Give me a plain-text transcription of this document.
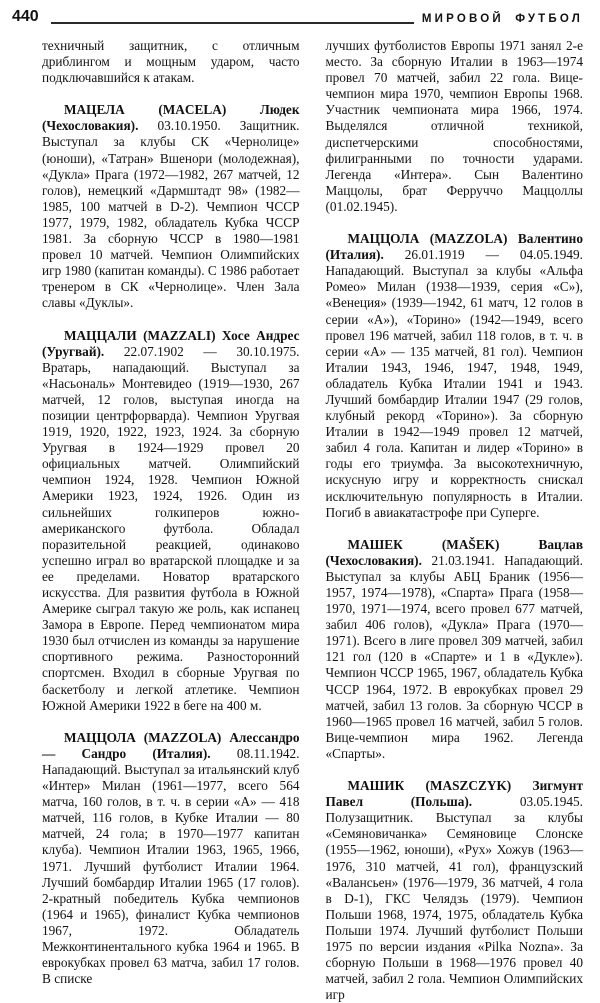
440	МИРОВОЙ ФУТБОЛ

техничный защитник, с отличным дриблингом и мощным ударом, часто подключавшийся к атакам.

МАЦЕЛА (MACELA) Людек (Чехословакия). 03.10.1950. Защитник. Выступал за клубы СК «Чернолице» (юноши), «Татран» Вшенори (молодежная), «Дукла» Прага (1972—1982, 267 матчей, 12 голов), немецкий «Дармштадт 98» (1982—1985, 100 матчей в D-2). Чемпион ЧССР 1977, 1979, 1982, обладатель Кубка ЧССР 1981. За сборную ЧССР в 1980—1981 провел 10 матчей. Чемпион Олимпийских игр 1980 (капитан команды). С 1986 работает тренером в СК «Чернолице». Член Зала славы «Дуклы».

МАЦЦАЛИ (MAZZALI) Хосе Андрес (Уругвай). 22.07.1902 — 30.10.1975. Вратарь, нападающий. Выступал за «Насьональ» Монтевидео (1919—1930, 267 матчей, 12 голов, выступая иногда на позиции центрфорварда). Чемпион Уругвая 1919, 1920, 1922, 1923, 1924. За сборную Уругвая в 1924—1929 провел 20 официальных матчей. Олимпийский чемпион 1924, 1928. Чемпион Южной Америки 1923, 1924, 1926. Один из сильнейших голкиперов южно-американского футбола. Обладал поразительной реакцией, одинаково успешно играл во вратарской площадке и за ее пределами. Новатор вратарского искусства. Для развития футбола в Южной Америке сыграл такую же роль, как испанец Замора в Европе. Перед чемпионатом мира 1930 был отчислен из команды за нарушение спортивного режима. Разносторонний спортсмен. Входил в сборные Уругвая по баскетболу и легкой атлетике. Чемпион Южной Америки 1922 в беге на 400 м.

МАЦЦОЛА (MAZZOLA) Алессандро — Сандро (Италия). 08.11.1942. Нападающий. Выступал за итальянский клуб «Интер» Милан (1961—1977, всего 564 матча, 160 голов, в т. ч. в серии «А» — 418 матчей, 116 голов, в Кубке Италии — 80 матчей, 24 гола; в 1970—1977 капитан клуба). Чемпион Италии 1963, 1965, 1966, 1971. Лучший футболист Италии 1964. Лучший бомбардир Италии 1965 (17 голов). 2-кратный победитель Кубка чемпионов (1964 и 1965), финалист Кубка чемпионов 1967, 1972. Обладатель Межконтинентального кубка 1964 и 1965. В еврокубках провел 63 матча, забил 17 голов. В списке

лучших футболистов Европы 1971 занял 2-е место. За сборную Италии в 1963—1974 провел 70 матчей, забил 22 гола. Вице-чемпион мира 1970, чемпион Европы 1968. Участник чемпионата мира 1966, 1974. Выделялся отличной техникой, диспетчерскими способностями, филигранными по точности ударами. Легенда «Интера». Сын Валентино Маццолы, брат Ферруччо Маццоллы (01.02.1945).

МАЦЦОЛА (MAZZOLA) Валентино (Италия). 26.01.1919 — 04.05.1949. Нападающий. Выступал за клубы «Альфа Ромео» Милан (1938—1939, серия «С»), «Венеция» (1939—1942, 61 матч, 12 голов в серии «А»), «Торино» (1942—1949, всего провел 196 матчей, забил 118 голов, в т. ч. в серии «А» — 135 матчей, 81 гол). Чемпион Италии 1943, 1946, 1947, 1948, 1949, обладатель Кубка Италии 1941 и 1943. Лучший бомбардир Италии 1947 (29 голов, клубный рекорд «Торино»). За сборную Италии в 1942—1949 провел 12 матчей, забил 4 гола. Капитан и лидер «Торино» в годы его триумфа. За высокотехничную, искусную игру и корректность снискал исключительную популярность в Италии. Погиб в авиакатастрофе при Суперге.

МАШЕК (MAŠEK) Вацлав (Чехословакия). 21.03.1941. Нападающий. Выступал за клубы АБЦ Браник (1956—1957, 1974—1978), «Спарта» Прага (1958—1970, 1971—1974, всего провел 677 матчей, забил 406 голов), «Дукла» Прага (1970—1971). Всего в лиге провел 309 матчей, забил 121 гол (120 в «Спарте» и 1 в «Дукле»). Чемпион ЧССР 1965, 1967, обладатель Кубка ЧССР 1964, 1972. В еврокубках провел 29 матчей, забил 13 голов. За сборную ЧССР в 1960—1965 провел 16 матчей, забил 5 голов. Вице-чемпион мира 1962. Легенда «Спарты».

МАШИК (MASZCZYK) Зигмунт Павел (Польша).	03.05.1945. Полузащитник. Выступал за клубы «Семяновичанка» Семяновице Слонске (1955—1962, юноши), «Рух» Хожув (1963—1976, 310 матчей, 41 гол), французский «Валансьен» (1976—1979, 36 матчей, 4 гола в D-1), ГКС Челядзь (1979). Чемпион Польши 1968, 1974, 1975, обладатель Кубка Польши 1974. Лучший футболист Польши 1975 по версии издания «Pilka Nozna». За сборную Польши в 1968—1976 провел 40 матчей, забил 2 гола. Чемпион Олимпийских игр
